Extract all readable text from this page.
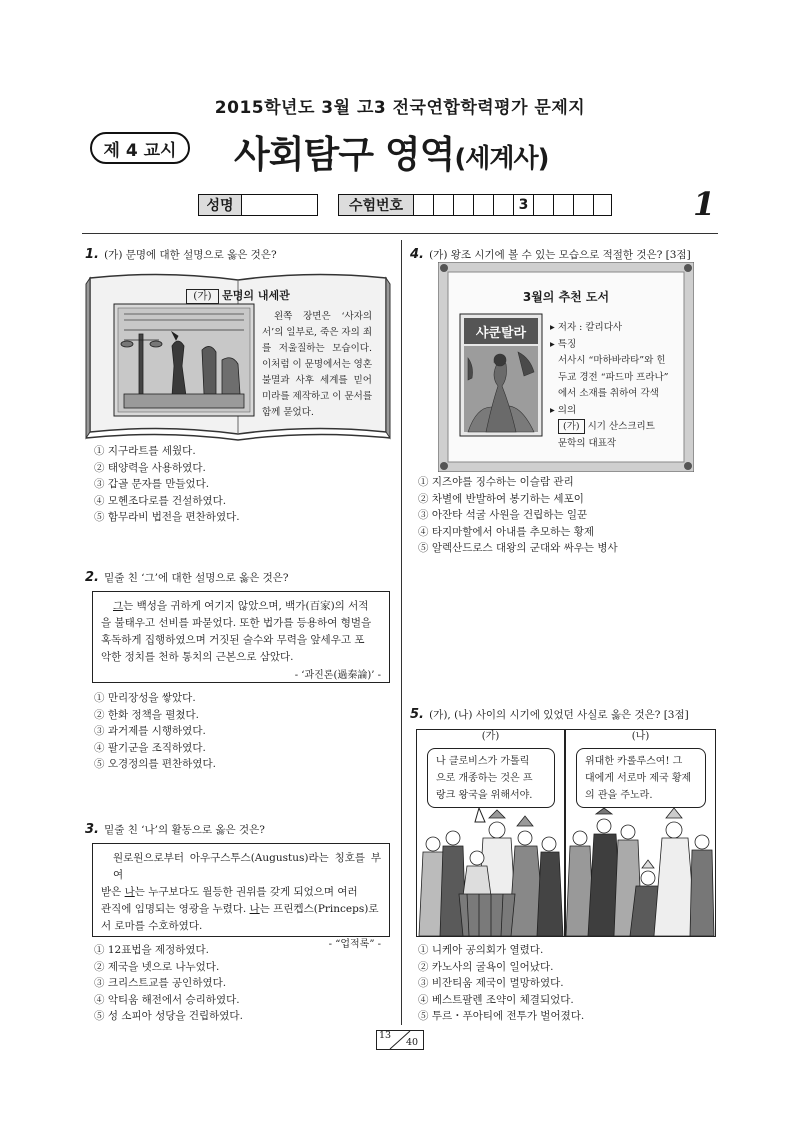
2015학년도 3월 고3 전국연합학력평가 문제지
제 4 교시	사회탐구 영역(세계사)
1
성명	수험번호	3
1. (가) 문명에 대한 설명으로 옳은 것은?
(가) 문명의 내세관
왼쪽 장면은 ‘사자의 서’의 일부로, 죽은 자의 죄를 저울질하는 모습이다. 이처럼 이 문명에서는 영혼 불멸과 사후 세계를 믿어 미라를 제작하고 이 문서를 함께 묻었다.
① 지구라트를 세웠다.
② 태양력을 사용하였다.
③ 갑골 문자를 만들었다.
④ 모헨조다로를 건설하였다.
⑤ 함무라비 법전을 편찬하였다.
2. 밑줄 친 ‘그’에 대한 설명으로 옳은 것은?
그는 백성을 귀하게 여기지 않았으며, 백가(百家)의 서적
을 불태우고 선비를 파묻었다. 또한 법가를 등용하여 형벌을
혹독하게 집행하였으며 거짓된 술수와 무력을 앞세우고 포
악한 정치를 천하 통치의 근본으로 삼았다.
- ‘과진론(過秦論)’ -
① 만리장성을 쌓았다.
② 한화 정책을 펼쳤다.
③ 과거제를 시행하였다.
④ 팔기군을 조직하였다.
⑤ 오경정의를 편찬하였다.
3. 밑줄 친 ‘나’의 활동으로 옳은 것은?
원로원으로부터 아우구스투스(Augustus)라는 칭호를 부여
받은 나는 누구보다도 월등한 권위를 갖게 되었으며 여러
관직에 임명되는 영광을 누렸다. 나는 프린켑스(Princeps)로
서 로마를 수호하였다.
- “업적록” -
① 12표법을 제정하였다.
② 제국을 넷으로 나누었다.
③ 크리스트교를 공인하였다.
④ 악티움 해전에서 승리하였다.
⑤ 성 소피아 성당을 건립하였다.
4. (가) 왕조 시기에 볼 수 있는 모습으로 적절한 것은? [3점]
3월의 추천 도서
샤쿤탈라	▸ 저자 : 칼리다사
▸ 특징
서사시 “마하바라타”와 힌
두교 경전 “파드마 프라나”
에서 소재를 취하여 각색
▸ 의의
(가) 시기 산스크리트
문학의 대표작
① 지즈야를 징수하는 이슬람 관리
② 차별에 반발하여 봉기하는 세포이
③ 아잔타 석굴 사원을 건립하는 일꾼
④ 타지마할에서 아내를 추모하는 황제
⑤ 알렉산드로스 대왕의 군대와 싸우는 병사
5. (가), (나) 사이의 시기에 있었던 사실로 옳은 것은? [3점]
(가)
나 클로비스가 가톨릭
으로 개종하는 것은 프
랑크 왕국을 위해서야.
(나)
위대한 카롤루스여! 그
대에게 서로마 제국 황제
의 관을 주노라.
① 니케아 공의회가 열렸다.
② 카노사의 굴욕이 일어났다.
③ 비잔티움 제국이 멸망하였다.
④ 베스트팔렌 조약이 체결되었다.
⑤ 투르・푸아티에 전투가 벌어졌다.
13
40
